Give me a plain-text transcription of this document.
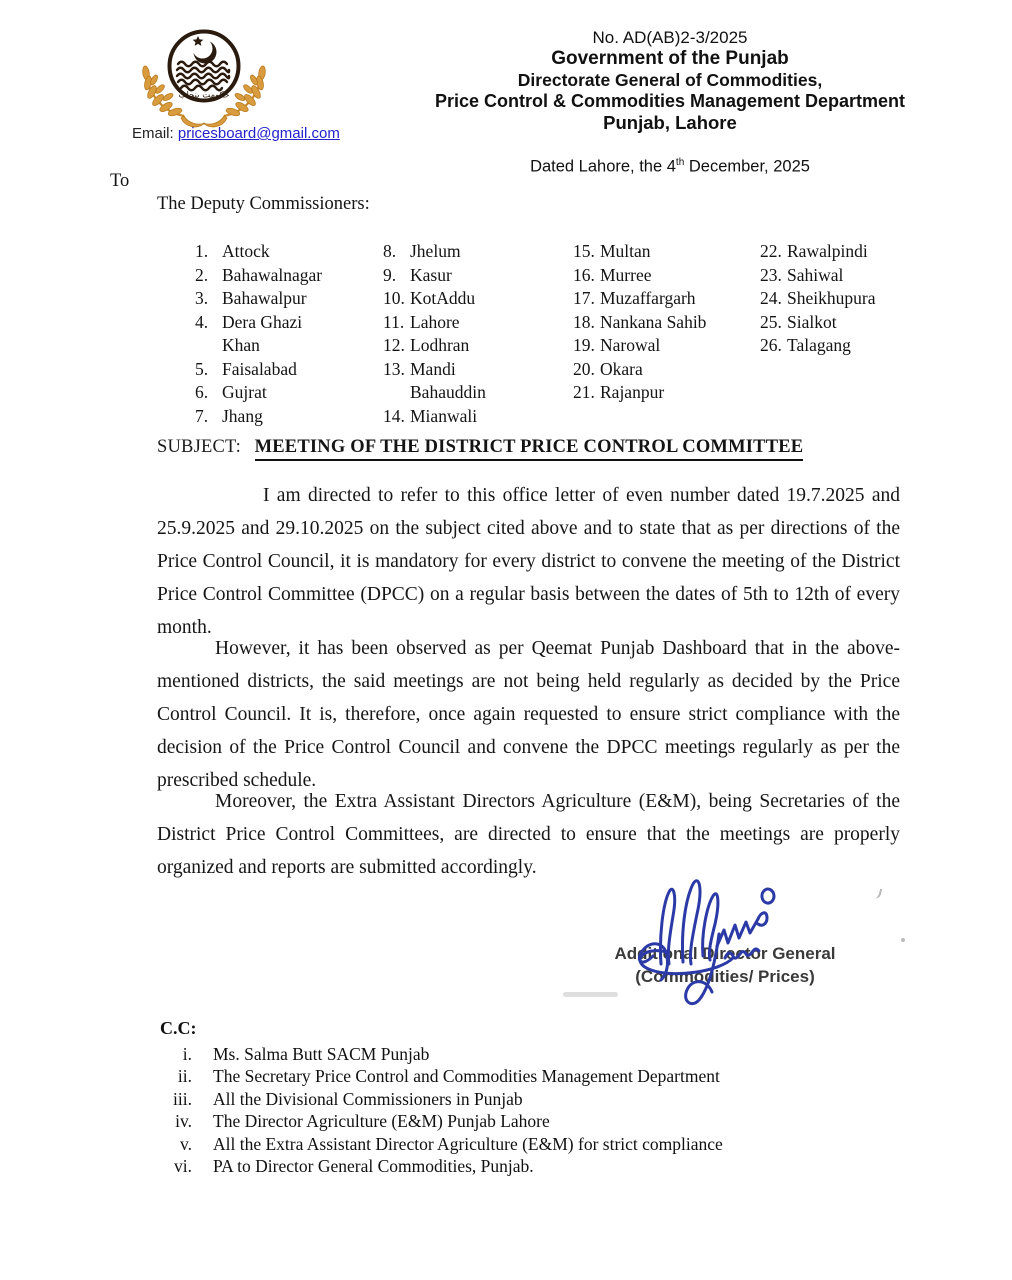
حکومت پنجاب
Email: pricesboard@gmail.com
No. AD(AB)2-3/2025
Government of the Punjab
Directorate General of Commodities,
Price Control & Commodities Management Department
Punjab, Lahore
Dated Lahore, the 4th December, 2025
To
The Deputy Commissioners:
1. Attock
2. Bahawalnagar
3. Bahawalpur
4. Dera Ghazi Khan
5. Faisalabad
6. Gujrat
7. Jhang
8. Jhelum
9. Kasur
10. KotAddu
11. Lahore
12. Lodhran
13. Mandi Bahauddin
14. Mianwali
15. Multan
16. Murree
17. Muzaffargarh
18. Nankana Sahib
19. Narowal
20. Okara
21. Rajanpur
22. Rawalpindi
23. Sahiwal
24. Sheikhupura
25. Sialkot
26. Talagang
SUBJECT: MEETING OF THE DISTRICT PRICE CONTROL COMMITTEE

I am directed to refer to this office letter of even number dated 19.7.2025 and 25.9.2025 and 29.10.2025 on the subject cited above and to state that as per directions of the Price Control Council, it is mandatory for every district to convene the meeting of the District Price Control Committee (DPCC) on a regular basis between the dates of 5th to 12th of every month.

However, it has been observed as per Qeemat Punjab Dashboard that in the above-mentioned districts, the said meetings are not being held regularly as decided by the Price Control Council. It is, therefore, once again requested to ensure strict compliance with the decision of the Price Control Council and convene the DPCC meetings regularly as per the prescribed schedule.

Moreover, the Extra Assistant Directors Agriculture (E&M), being Secretaries of the District Price Control Committees, are directed to ensure that the meetings are properly organized and reports are submitted accordingly.

Additional Director General
(Commodities/ Prices)
C.C:
i. Ms. Salma Butt SACM Punjab
ii. The Secretary Price Control and Commodities Management Department
iii. All the Divisional Commissioners in Punjab
iv. The Director Agriculture (E&M) Punjab Lahore
v. All the Extra Assistant Director Agriculture (E&M) for strict compliance
vi. PA to Director General Commodities, Punjab.
